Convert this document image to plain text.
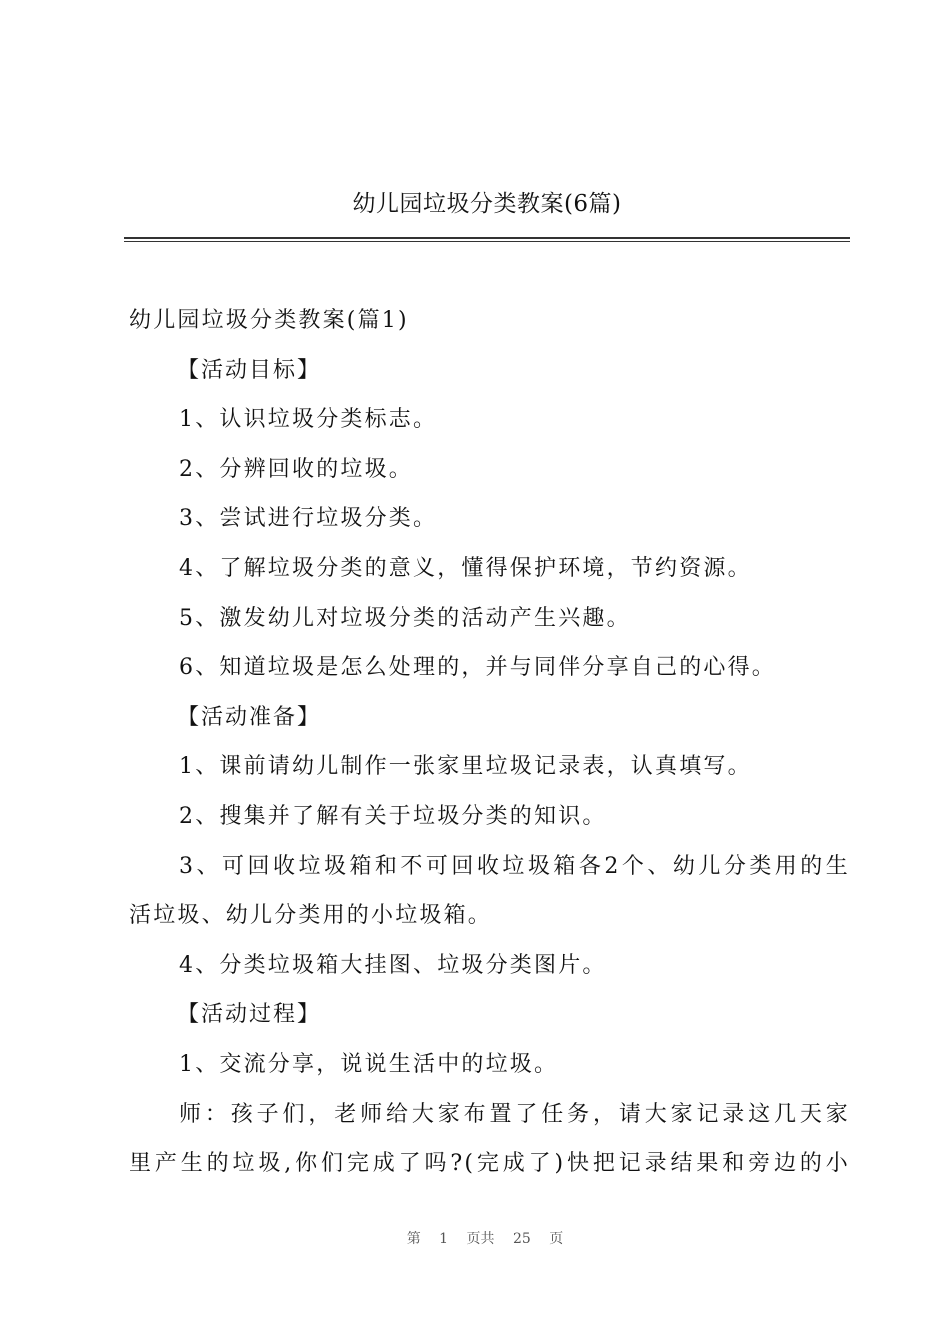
幼儿园垃圾分类教案(6篇)
幼儿园垃圾分类教案(篇1)
【活动目标】
1、认识垃圾分类标志。
2、分辨回收的垃圾。
3、尝试进行垃圾分类。
4、了解垃圾分类的意义，懂得保护环境，节约资源。
5、激发幼儿对垃圾分类的活动产生兴趣。
6、知道垃圾是怎么处理的，并与同伴分享自己的心得。
【活动准备】
1、课前请幼儿制作一张家里垃圾记录表，认真填写。
2、搜集并了解有关于垃圾分类的知识。
3、可回收垃圾箱和不可回收垃圾箱各2个、幼儿分类用的生
活垃圾、幼儿分类用的小垃圾箱。
4、分类垃圾箱大挂图、垃圾分类图片。
【活动过程】
1、交流分享，说说生活中的垃圾。
师：孩子们，老师给大家布置了任务，请大家记录这几天家
里产生的垃圾,你们完成了吗?(完成了)快把记录结果和旁边的小
第 1 页共 25 页
